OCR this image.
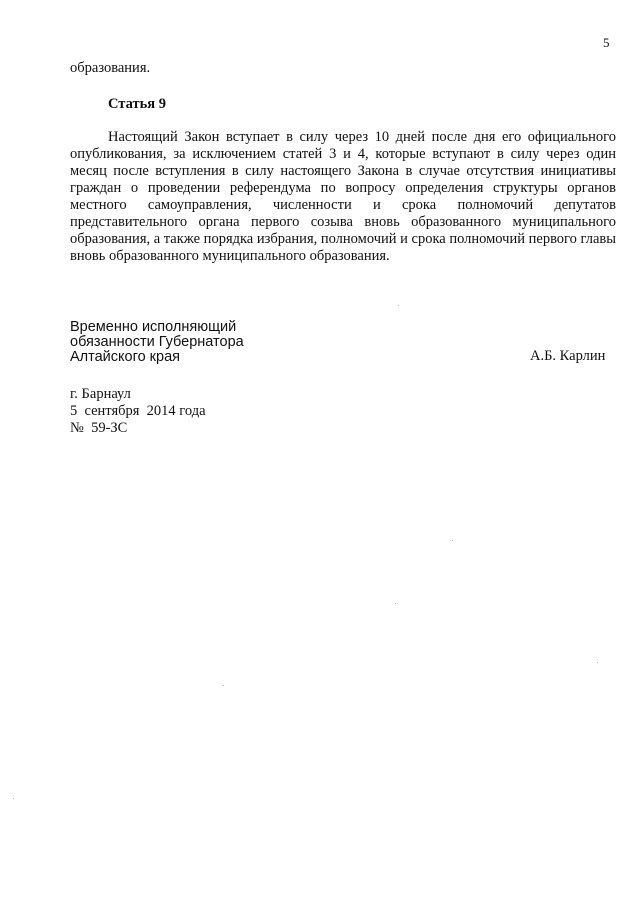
5
образования.
Статья 9

Настоящий Закон вступает в силу через 10 дней после дня его официального опубликования, за исключением статей 3 и 4, которые вступают в силу через один месяц после вступления в силу настоящего Закона в случае отсутствия инициативы граждан о проведении референдума по вопросу определения структуры органов местного самоуправления, численности и срока полномочий депутатов представительного органа первого созыва вновь образованного муниципального образования, а также порядка избрания, полномочий и срока полномочий первого главы вновь образованного муниципального образования.

Временно исполняющий
обязанности Губернатора
Алтайского края	А.Б. Карлин
г. Барнаул
5  сентября  2014 года
№  59-ЗС
